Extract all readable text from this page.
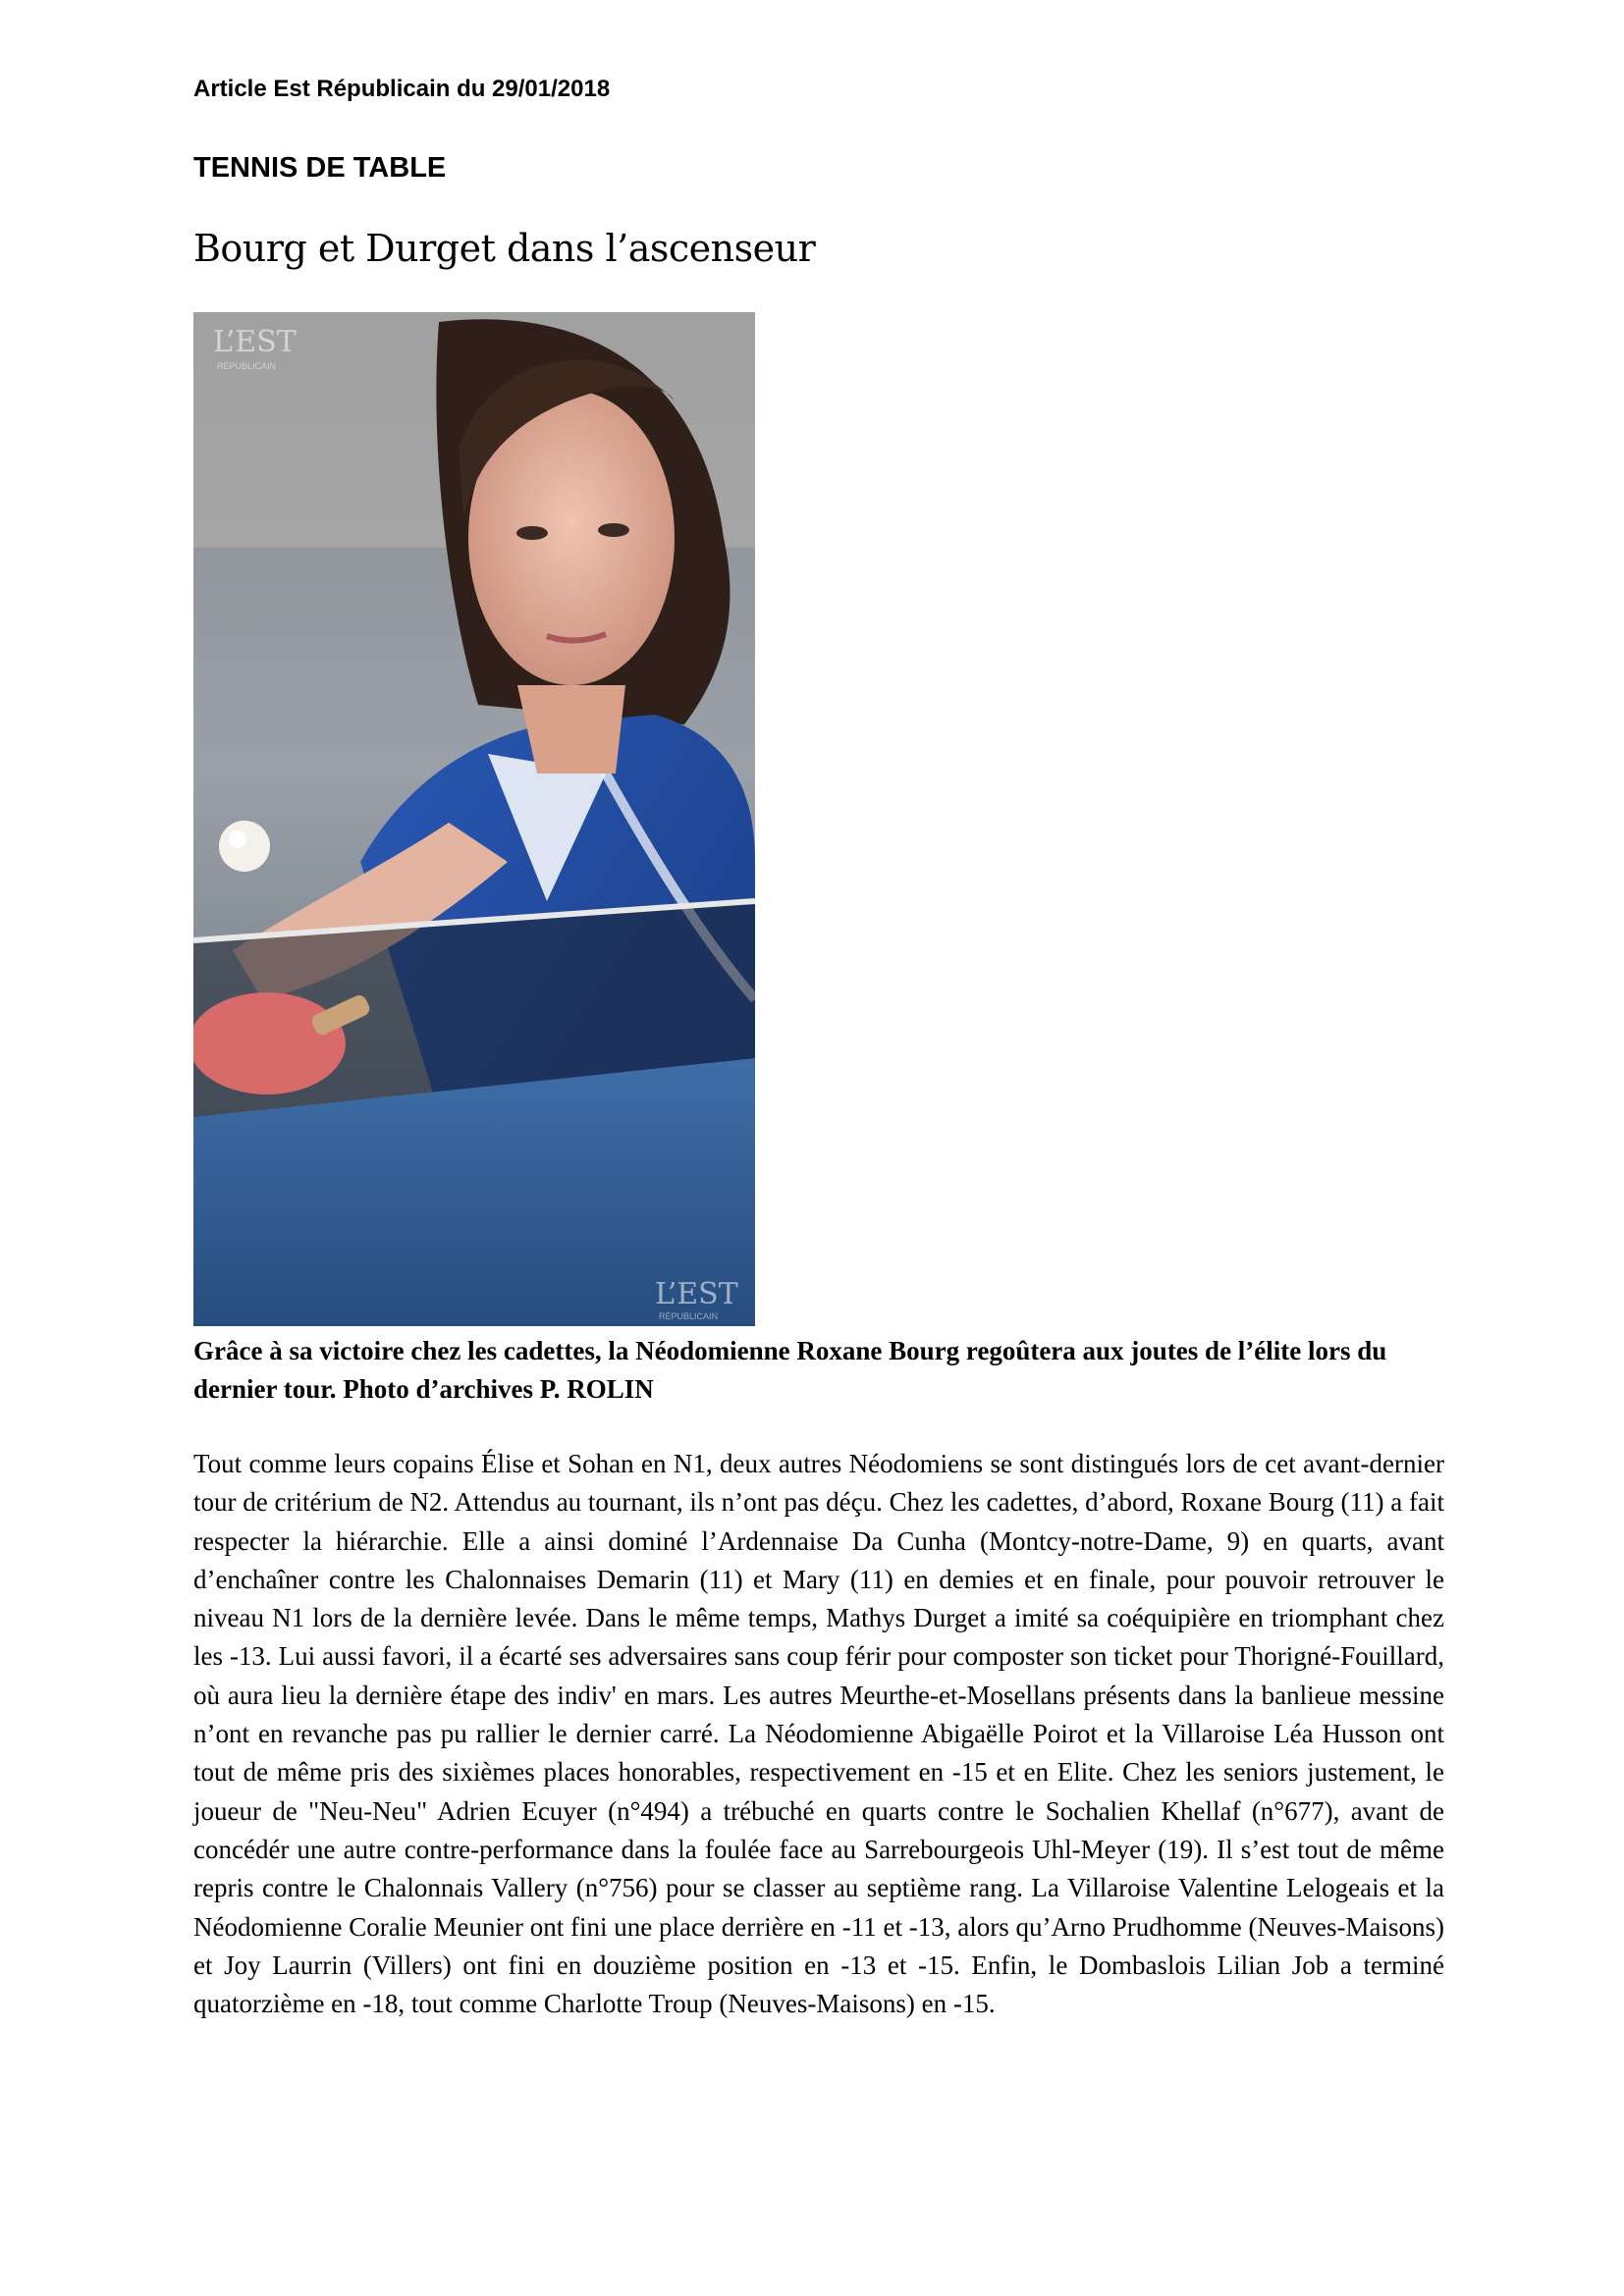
Article Est Républicain du 29/01/2018
TENNIS DE TABLE
Bourg et Durget dans l’ascenseur
L’EST
RÉPUBLICAIN
L’EST
RÉPUBLICAIN
Grâce à sa victoire chez les cadettes, la Néodomienne Roxane Bourg regoûtera aux joutes de l’élite lors du dernier tour. Photo d’archives P. ROLIN
Tout comme leurs copains Élise et Sohan en N1, deux autres Néodomiens se sont distingués lors de cet avant-dernier tour de critérium de N2. Attendus au tournant, ils n’ont pas déçu. Chez les cadettes, d’abord, Roxane Bourg (11) a fait respecter la hiérarchie. Elle a ainsi dominé l’Ardennaise Da Cunha (Montcy-notre-Dame, 9) en quarts, avant d’enchaîner contre les Chalonnaises Demarin (11) et Mary (11) en demies et en finale, pour pouvoir retrouver le niveau N1 lors de la dernière levée. Dans le même temps, Mathys Durget a imité sa coéquipière en triomphant chez les -13. Lui aussi favori, il a écarté ses adversaires sans coup férir pour composter son ticket pour Thorigné-Fouillard, où aura lieu la dernière étape des indiv' en mars. Les autres Meurthe-et-Mosellans présents dans la banlieue messine n’ont en revanche pas pu rallier le dernier carré. La Néodomienne Abigaëlle Poirot et la Villaroise Léa Husson ont tout de même pris des sixièmes places honorables, respectivement en -15 et en Elite. Chez les seniors justement, le joueur de "Neu-Neu" Adrien Ecuyer (n°494) a trébuché en quarts contre le Sochalien Khellaf (n°677), avant de concédér une autre contre-performance dans la foulée face au Sarrebourgeois Uhl-Meyer (19). Il s’est tout de même repris contre le Chalonnais Vallery (n°756) pour se classer au septième rang. La Villaroise Valentine Lelogeais et la Néodomienne Coralie Meunier ont fini une place derrière en -11 et -13, alors qu’Arno Prudhomme (Neuves-Maisons) et Joy Laurrin (Villers) ont fini en douzième position en -13 et -15. Enfin, le Dombaslois Lilian Job a terminé quatorzième en -18, tout comme Charlotte Troup (Neuves-Maisons) en -15.
